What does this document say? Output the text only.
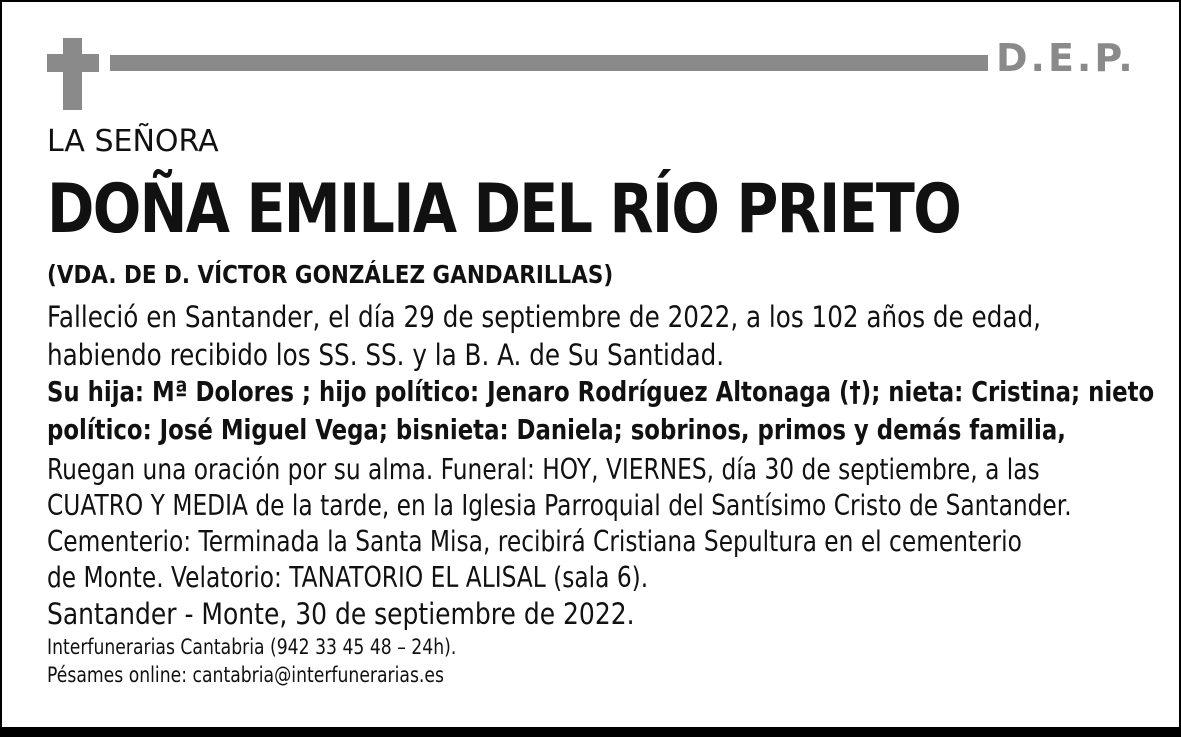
D.E.P.
LA SEÑORA
DOÑA EMILIA DEL RÍO PRIETO
(VDA. DE D. VÍCTOR GONZÁLEZ GANDARILLAS)
Falleció en Santander, el día 29 de septiembre de 2022, a los 102 años de edad,
habiendo recibido los SS. SS. y la B. A. de Su Santidad.
Su hija: Mª Dolores ; hijo político: Jenaro Rodríguez Altonaga (†); nieta: Cristina; nieto
político: José Miguel Vega; bisnieta: Daniela; sobrinos, primos y demás familia,
Ruegan una oración por su alma. Funeral: HOY, VIERNES, día 30 de septiembre, a las
CUATRO Y MEDIA de la tarde, en la Iglesia Parroquial del Santísimo Cristo de Santander.
Cementerio: Terminada la Santa Misa, recibirá Cristiana Sepultura en el cementerio
de Monte. Velatorio: TANATORIO EL ALISAL (sala 6).
Santander - Monte, 30 de septiembre de 2022.
Interfunerarias Cantabria (942 33 45 48 – 24h).
Pésames online: cantabria@interfunerarias.es
